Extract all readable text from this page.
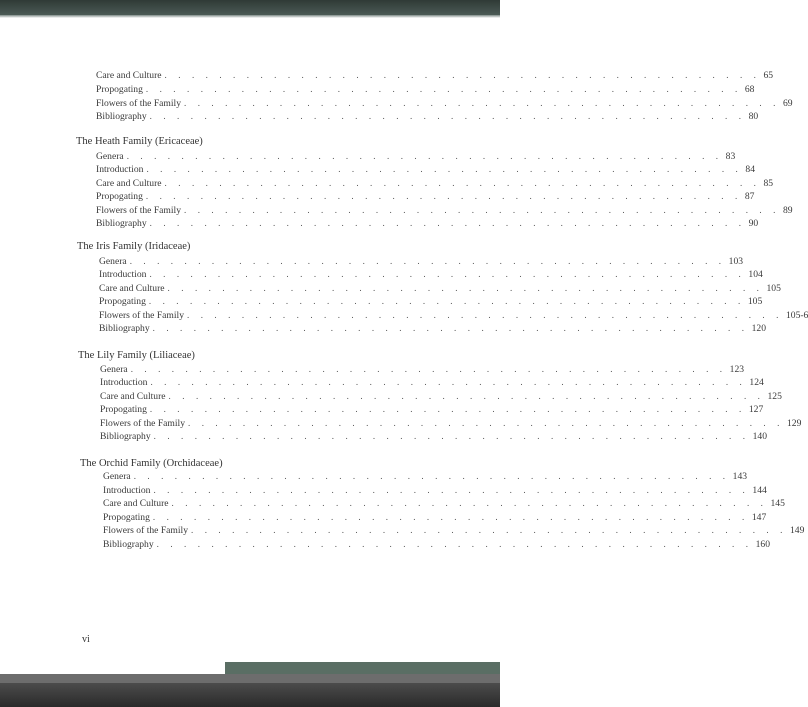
Care and Culture . . . . . . . . . . . . . . . . . . . . . . . . . . . . . . . . . . . . . . . . . . . . 65
Propogating . . . . . . . . . . . . . . . . . . . . . . . . . . . . . . . . . . . . . . . . . . . . 68
Flowers of the Family . . . . . . . . . . . . . . . . . . . . . . . . . . . . . . . . . . . . . . . . . . . . 69
Bibliography . . . . . . . . . . . . . . . . . . . . . . . . . . . . . . . . . . . . . . . . . . . . 80
The Heath Family (Ericaceae)
Genera . . . . . . . . . . . . . . . . . . . . . . . . . . . . . . . . . . . . . . . . . . . . 83
Introduction . . . . . . . . . . . . . . . . . . . . . . . . . . . . . . . . . . . . . . . . . . . . 84
Care and Culture . . . . . . . . . . . . . . . . . . . . . . . . . . . . . . . . . . . . . . . . . . . . 85
Propogating . . . . . . . . . . . . . . . . . . . . . . . . . . . . . . . . . . . . . . . . . . . . 87
Flowers of the Family . . . . . . . . . . . . . . . . . . . . . . . . . . . . . . . . . . . . . . . . . . . . 89
Bibliography . . . . . . . . . . . . . . . . . . . . . . . . . . . . . . . . . . . . . . . . . . . . 90
The Iris Family (Iridaceae)
Genera . . . . . . . . . . . . . . . . . . . . . . . . . . . . . . . . . . . . . . . . . . . . 103
Introduction . . . . . . . . . . . . . . . . . . . . . . . . . . . . . . . . . . . . . . . . . . . . 104
Care and Culture . . . . . . . . . . . . . . . . . . . . . . . . . . . . . . . . . . . . . . . . . . . . 105
Propogating . . . . . . . . . . . . . . . . . . . . . . . . . . . . . . . . . . . . . . . . . . . . 105
Flowers of the Family . . . . . . . . . . . . . . . . . . . . . . . . . . . . . . . . . . . . . . . . . . . . 105-6
Bibliography . . . . . . . . . . . . . . . . . . . . . . . . . . . . . . . . . . . . . . . . . . . . 120
The Lily Family (Liliaceae)
Genera . . . . . . . . . . . . . . . . . . . . . . . . . . . . . . . . . . . . . . . . . . . . 123
Introduction . . . . . . . . . . . . . . . . . . . . . . . . . . . . . . . . . . . . . . . . . . . . 124
Care and Culture . . . . . . . . . . . . . . . . . . . . . . . . . . . . . . . . . . . . . . . . . . . . 125
Propogating . . . . . . . . . . . . . . . . . . . . . . . . . . . . . . . . . . . . . . . . . . . . 127
Flowers of the Family . . . . . . . . . . . . . . . . . . . . . . . . . . . . . . . . . . . . . . . . . . . . 129
Bibliography . . . . . . . . . . . . . . . . . . . . . . . . . . . . . . . . . . . . . . . . . . . . 140
The Orchid Family (Orchidaceae)
Genera . . . . . . . . . . . . . . . . . . . . . . . . . . . . . . . . . . . . . . . . . . . . 143
Introduction . . . . . . . . . . . . . . . . . . . . . . . . . . . . . . . . . . . . . . . . . . . . 144
Care and Culture . . . . . . . . . . . . . . . . . . . . . . . . . . . . . . . . . . . . . . . . . . . . 145
Propogating . . . . . . . . . . . . . . . . . . . . . . . . . . . . . . . . . . . . . . . . . . . . 147
Flowers of the Family . . . . . . . . . . . . . . . . . . . . . . . . . . . . . . . . . . . . . . . . . . . . 149
Bibliography . . . . . . . . . . . . . . . . . . . . . . . . . . . . . . . . . . . . . . . . . . . . 160
vi
